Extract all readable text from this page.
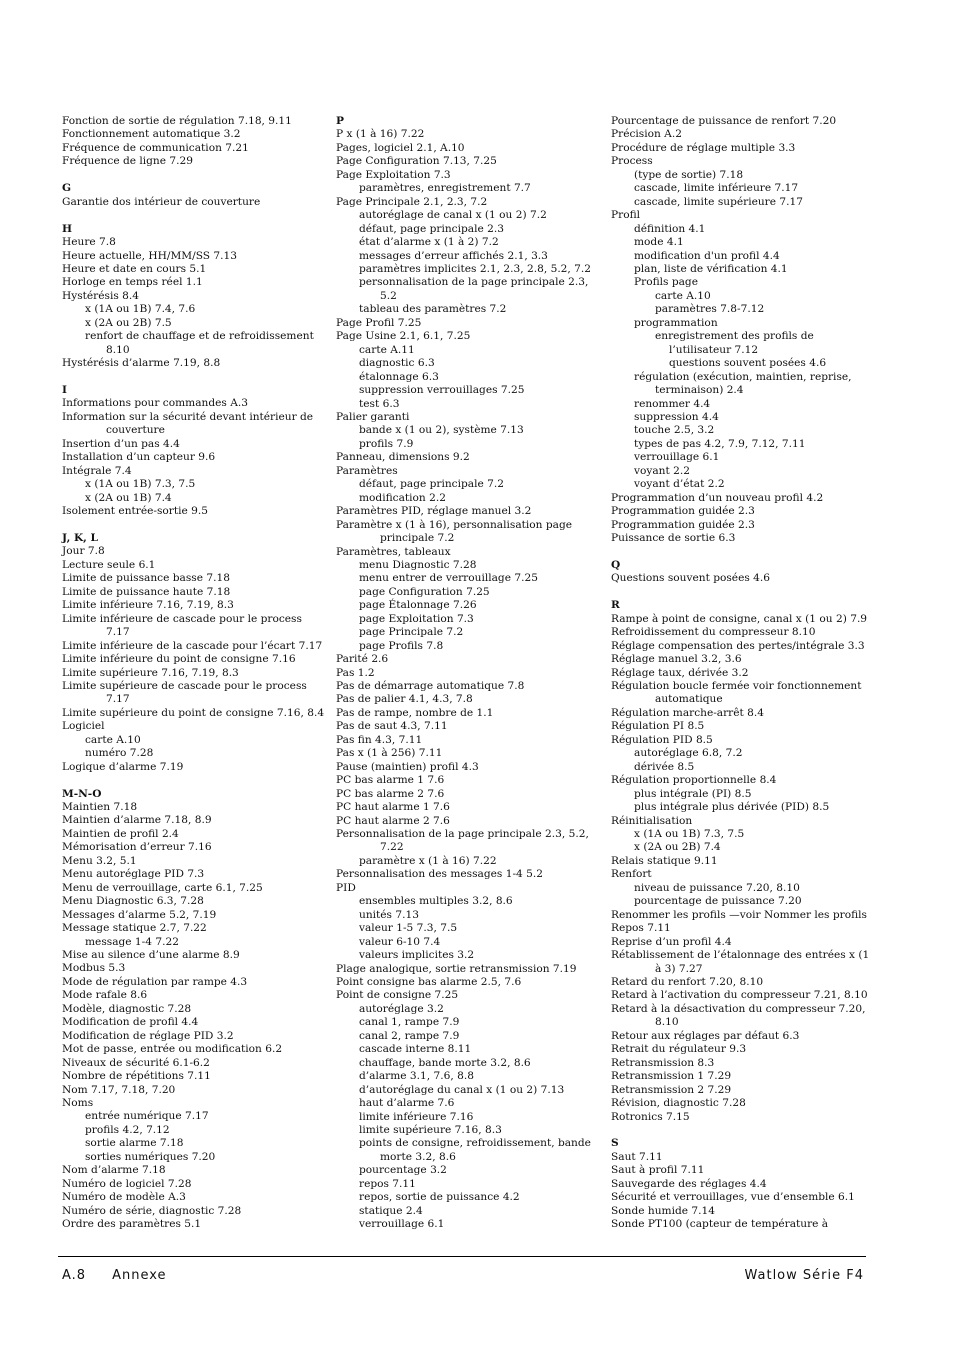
Fonction de sortie de régulation 7.18, 9.11
Fonctionnement automatique 3.2
Fréquence de communication 7.21
Fréquence de ligne 7.29
G
Garantie dos intérieur de couverture
H
Heure 7.8
Heure actuelle, HH/MM/SS 7.13
Heure et date en cours 5.1
Horloge en temps réel 1.1
Hystérésis 8.4
x (1A ou 1B) 7.4, 7.6
x (2A ou 2B) 7.5
renfort de chauffage et de refroidissement
8.10
Hystérésis d’alarme 7.19, 8.8
I
Informations pour commandes A.3
Information sur la sécurité devant intérieur de
couverture
Insertion d’un pas 4.4
Installation d’un capteur 9.6
Intégrale 7.4
x (1A ou 1B) 7.3, 7.5
x (2A ou 1B) 7.4
Isolement entrée-sortie 9.5
J, K, L
Jour 7.8
Lecture seule 6.1
Limite de puissance basse 7.18
Limite de puissance haute 7.18
Limite inférieure 7.16, 7.19, 8.3
Limite inférieure de cascade pour le process
7.17
Limite inférieure de la cascade pour l’écart 7.17
Limite inférieure du point de consigne 7.16
Limite supérieure 7.16, 7.19, 8.3
Limite supérieure de cascade pour le process
7.17
Limite supérieure du point de consigne 7.16, 8.4
Logiciel
carte A.10
numéro 7.28
Logique d’alarme 7.19
M-N-O
Maintien 7.18
Maintien d’alarme 7.18, 8.9
Maintien de profil 2.4
Mémorisation d’erreur 7.16
Menu 3.2, 5.1
Menu autoréglage PID 7.3
Menu de verrouillage, carte 6.1, 7.25
Menu Diagnostic 6.3, 7.28
Messages d’alarme 5.2, 7.19
Message statique 2.7, 7.22
message 1-4 7.22
Mise au silence d’une alarme 8.9
Modbus 5.3
Mode de régulation par rampe 4.3
Mode rafale 8.6
Modèle, diagnostic 7.28
Modification de profil 4.4
Modification de réglage PID 3.2
Mot de passe, entrée ou modification 6.2
Niveaux de sécurité 6.1-6.2
Nombre de répétitions 7.11
Nom 7.17, 7.18, 7.20
Noms
entrée numérique 7.17
profils 4.2, 7.12
sortie alarme 7.18
sorties numériques 7.20
Nom d’alarme 7.18
Numéro de logiciel 7.28
Numéro de modèle A.3
Numéro de série, diagnostic 7.28
Ordre des paramètres 5.1
P
P x (1 à 16) 7.22
Pages, logiciel 2.1, A.10
Page Configuration 7.13, 7.25
Page Exploitation 7.3
paramètres, enregistrement 7.7
Page Principale 2.1, 2.3, 7.2
autoréglage de canal x (1 ou 2) 7.2
défaut, page principale 2.3
état d’alarme x (1 à 2) 7.2
messages d’erreur affichés 2.1, 3.3
paramètres implicites 2.1, 2.3, 2.8, 5.2, 7.2
personnalisation de la page principale 2.3,
5.2
tableau des paramètres 7.2
Page Profil 7.25
Page Usine 2.1, 6.1, 7.25
carte A.11
diagnostic 6.3
étalonnage 6.3
suppression verrouillages 7.25
test 6.3
Palier garanti
bande x (1 ou 2), système 7.13
profils 7.9
Panneau, dimensions 9.2
Paramètres
défaut, page principale 7.2
modification 2.2
Paramètres PID, réglage manuel 3.2
Paramètre x (1 à 16), personnalisation page
principale 7.2
Paramètres, tableaux
menu Diagnostic 7.28
menu entrer de verrouillage 7.25
page Configuration 7.25
page Étalonnage 7.26
page Exploitation 7.3
page Principale 7.2
page Profils 7.8
Parité 2.6
Pas 1.2
Pas de démarrage automatique 7.8
Pas de palier 4.1, 4.3, 7.8
Pas de rampe, nombre de 1.1
Pas de saut 4.3, 7.11
Pas fin 4.3, 7.11
Pas x (1 à 256) 7.11
Pause (maintien) profil 4.3
PC bas alarme 1 7.6
PC bas alarme 2 7.6
PC haut alarme 1 7.6
PC haut alarme 2 7.6
Personnalisation de la page principale 2.3, 5.2,
7.22
paramètre x (1 à 16) 7.22
Personnalisation des messages 1-4 5.2
PID
ensembles multiples 3.2, 8.6
unités 7.13
valeur 1-5 7.3, 7.5
valeur 6-10 7.4
valeurs implicites 3.2
Plage analogique, sortie retransmission 7.19
Point consigne bas alarme 2.5, 7.6
Point de consigne 7.25
autoréglage 3.2
canal 1, rampe 7.9
canal 2, rampe 7.9
cascade interne 8.11
chauffage, bande morte 3.2, 8.6
d’alarme 3.1, 7.6, 8.8
d’autoréglage du canal x (1 ou 2) 7.13
haut d’alarme 7.6
limite inférieure 7.16
limite supérieure 7.16, 8.3
points de consigne, refroidissement, bande
morte 3.2, 8.6
pourcentage 3.2
repos 7.11
repos, sortie de puissance 4.2
statique 2.4
verrouillage 6.1
Pourcentage de puissance de renfort 7.20
Précision A.2
Procédure de réglage multiple 3.3
Process
(type de sortie) 7.18
cascade, limite inférieure 7.17
cascade, limite supérieure 7.17
Profil
définition 4.1
mode 4.1
modification d'un profil 4.4
plan, liste de vérification 4.1
Profils page
carte A.10
paramètres 7.8-7.12
programmation
enregistrement des profils de
l’utilisateur 7.12
questions souvent posées 4.6
régulation (exécution, maintien, reprise,
terminaison) 2.4
renommer 4.4
suppression 4.4
touche 2.5, 3.2
types de pas 4.2, 7.9, 7.12, 7.11
verrouillage 6.1
voyant 2.2
voyant d’état 2.2
Programmation d’un nouveau profil 4.2
Programmation guidée 2.3
Programmation guidée 2.3
Puissance de sortie 6.3
Q
Questions souvent posées 4.6
R
Rampe à point de consigne, canal x (1 ou 2) 7.9
Refroidissement du compresseur 8.10
Réglage compensation des pertes/intégrale 3.3
Réglage manuel 3.2, 3.6
Réglage taux, dérivée 3.2
Régulation boucle fermée voir fonctionnement
automatique
Régulation marche-arrêt 8.4
Régulation PI 8.5
Régulation PID 8.5
autoréglage 6.8, 7.2
dérivée 8.5
Régulation proportionnelle 8.4
plus intégrale (PI) 8.5
plus intégrale plus dérivée (PID) 8.5
Réinitialisation
x (1A ou 1B) 7.3, 7.5
x (2A ou 2B) 7.4
Relais statique 9.11
Renfort
niveau de puissance 7.20, 8.10
pourcentage de puissance 7.20
Renommer les profils —voir Nommer les profils
Repos 7.11
Reprise d’un profil 4.4
Rétablissement de l’étalonnage des entrées x (1
à 3) 7.27
Retard du renfort 7.20, 8.10
Retard à l’activation du compresseur 7.21, 8.10
Retard à la désactivation du compresseur 7.20,
8.10
Retour aux réglages par défaut 6.3
Retrait du régulateur 9.3
Retransmission 8.3
Retransmission 1 7.29
Retransmission 2 7.29
Révision, diagnostic 7.28
Rotronics 7.15
S
Saut 7.11
Saut à profil 7.11
Sauvegarde des réglages 4.4
Sécurité et verrouillages, vue d’ensemble 6.1
Sonde humide 7.14
Sonde PT100 (capteur de température à
A.8 Annexe	Watlow Série F4
